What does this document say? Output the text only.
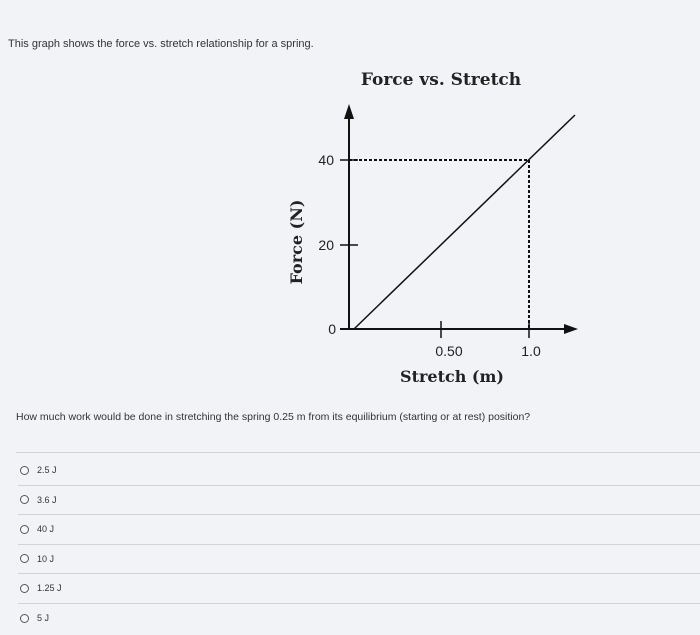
This graph shows the force vs. stretch relationship for a spring.
Force vs. Stretch
40
20
0
0.50	1.0
Stretch (m)
Force (N)
How much work would be done in stretching the spring 0.25 m from its equilibrium (starting or at rest) position?
2.5 J
3.6 J
40 J
10 J
1.25 J
5 J
